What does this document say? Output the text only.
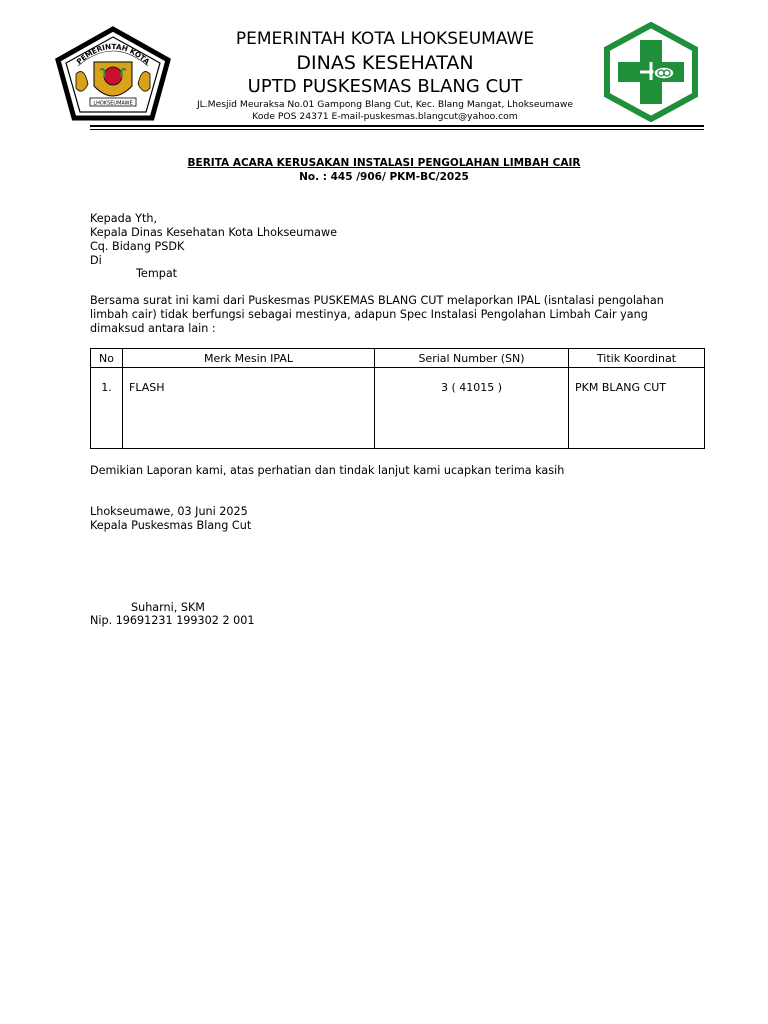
PEMERINTAH KOTA
LHOKSEUMAWE
PEMERINTAH KOTA LHOKSEUMAWE
DINAS KESEHATAN
UPTD PUSKESMAS BLANG CUT
JL.Mesjid Meuraksa No.01 Gampong Blang Cut, Kec. Blang Mangat, Lhokseumawe
Kode POS 24371 E-mail-puskesmas.blangcut@yahoo.com
BERITA ACARA KERUSAKAN INSTALASI PENGOLAHAN LIMBAH CAIR
No. : 445 /906/ PKM-BC/2025
Kepada Yth,
Kepala Dinas Kesehatan Kota Lhokseumawe
Cq. Bidang PSDK
Di
Tempat
Bersama surat ini kami dari Puskesmas PUSKEMAS BLANG CUT melaporkan IPAL (isntalasi pengolahan
limbah cair) tidak berfungsi sebagai mestinya, adapun Spec Instalasi Pengolahan Limbah Cair yang
dimaksud antara lain :
No	Merk Mesin IPAL	Serial Number (SN)	Titik Koordinat
1.	FLASH	3 ( 41015 )	PKM BLANG CUT
Demikian Laporan kami, atas perhatian dan tindak lanjut kami ucapkan terima kasih
Lhokseumawe, 03 Juni 2025
Kepala Puskesmas Blang Cut
Suharni, SKM
Nip. 19691231 199302 2 001
